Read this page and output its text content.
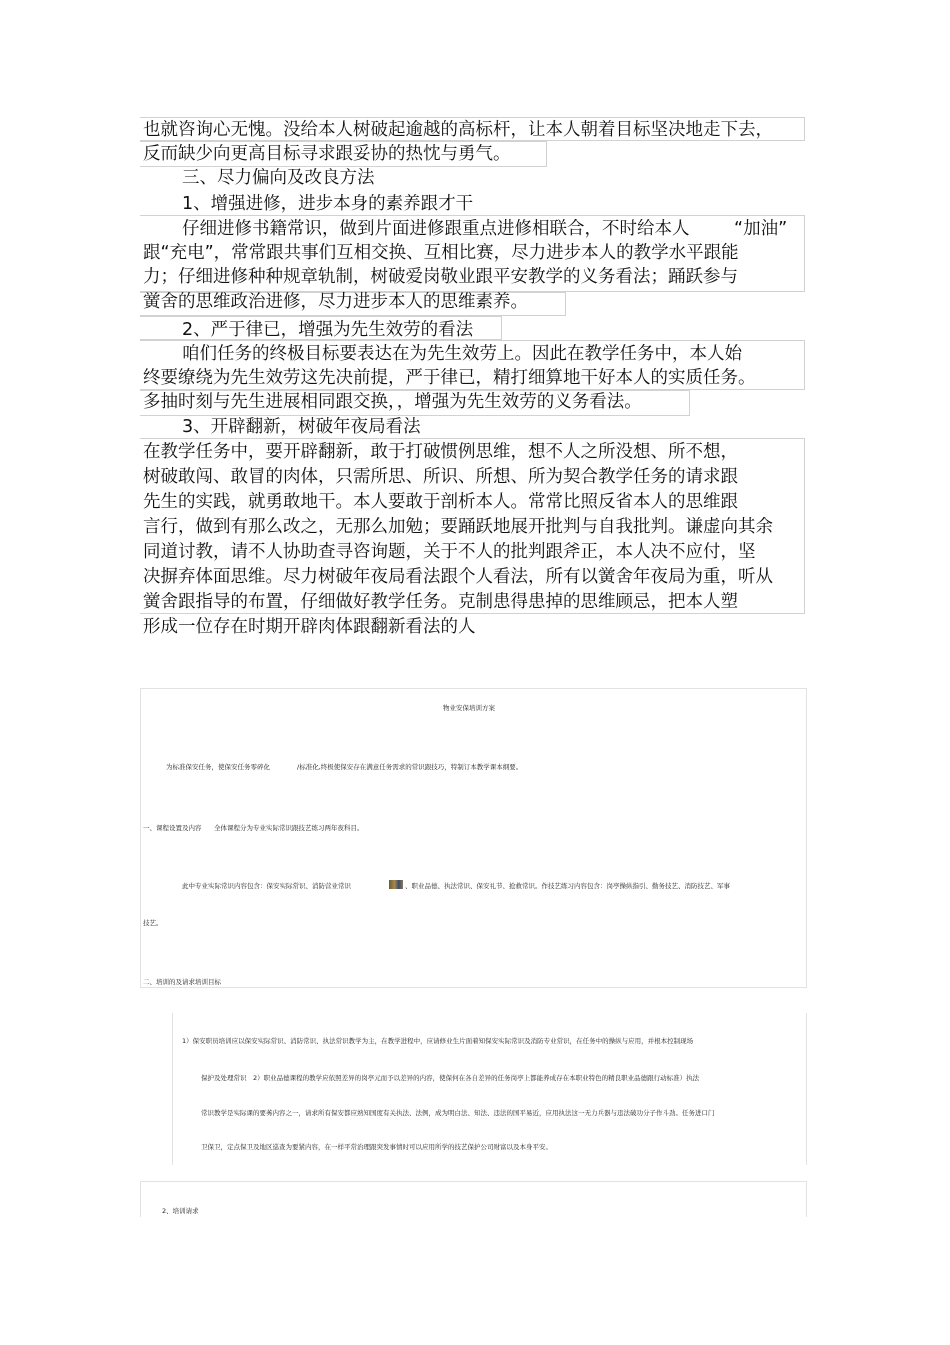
也就咨询心无愧。没给本人树破起逾越的高标杆，让本人朝着目标坚决地走下去，
反而缺少向更高目标寻求跟妥协的热忱与勇气。
三、尽力偏向及改良方法
1、增强进修，进步本身的素养跟才干
仔细进修书籍常识，做到片面进修跟重点进修相联合，不时给本人	“加油”
跟“充电”，常常跟共事们互相交换、互相比赛，尽力进步本人的教学水平跟能
力；仔细进修种种规章轨制，树破爱岗敬业跟平安教学的义务看法；踊跃参与
黉舍的思维政治进修，尽力进步本人的思维素养。
2、严于律已，增强为先生效劳的看法
咱们任务的终极目标要表达在为先生效劳上。因此在教学任务中，本人始
终要缭绕为先生效劳这先决前提，严于律已，精打细算地干好本人的实质任务。
多抽时刻与先生进展相同跟交换，，增强为先生效劳的义务看法。
3、开辟翻新，树破年夜局看法
在教学任务中，要开辟翻新，敢于打破惯例思维，想不人之所没想、所不想，
树破敢闯、敢冒的肉体，只需所思、所识、所想、所为契合教学任务的请求跟
先生的实践，就勇敢地干。本人要敢于剖析本人。常常比照反省本人的思维跟
言行，做到有那么改之，无那么加勉；要踊跃地展开批判与自我批判。谦虚向其余
同道讨教，请不人协助查寻咨询题，关于不人的批判跟斧正，本人决不应付，坚
决摒弃体面思维。尽力树破年夜局看法跟个人看法，所有以黉舍年夜局为重，听从
黉舍跟指导的布置，仔细做好教学任务。克制患得患掉的思维顾忌，把本人塑
形成一位存在时期开辟肉体跟翻新看法的人
物业安保培训方案
为标准保安任务，使保安任务零碎化	/标准化,终极使保安存在满意任务需求的常识跟技巧，特制订本教学课本纲要。
一、课程设置及内容 全体课程分为专业实际常识跟技艺练习两年夜科目。
此中专业实际常识内容包含：保安实际常识、消防营业常识	、职业品德、执法常识、保安礼节、抢救常识。作技艺练习内容包含：岗亭操纵指引、勤务技艺、消防技艺、军事
技艺。
二、培训的及请求培训目标
1）保安职员培训应以保安实际常识、消防常识、执法常识教学为主，在教学进程中，应请修业生片面着知保安实际常识及消防专业常识，在任务中的操纵与应用，并根本控制现场
保护及处理常识　2）职业品德课程的教学应依照差异的岗亭元而予以差异的内容，使保何在各自差异的任务岗亭上都能养成存在本职业特色的精良职业品德跟行动标准）执法
常识教学是实际课的要莠内容之一，请求所有保安都应熟知国度有关执法、法例，成为明白法、知法、违法的国平易近，应用执法这一无力兵器与违法破功分子作斗劲。任务进口门
卫保卫，定点保卫及地区巡查为要紧内容，在一样平常治理跟突发事情时可以应用所学的技艺保护公司财富以及本身平安。
2、培训请求
